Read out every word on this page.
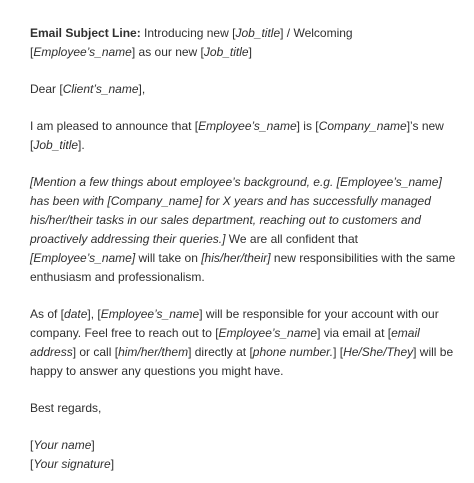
Email Subject Line: Introducing new [Job_title] / Welcoming [Employee’s_name] as our new [Job_title]

Dear [Client’s_name],

I am pleased to announce that [Employee’s_name] is [Company_name]’s new [Job_title].

[Mention a few things about employee’s background, e.g. [Employee’s_name] has been with [Company_name] for X years and has successfully managed his/her/their tasks in our sales department, reaching out to customers and proactively addressing their queries.] We are all confident that [Employee’s_name] will take on [his/her/their] new responsibilities with the same enthusiasm and professionalism.

As of [date], [Employee’s_name] will be responsible for your account with our company. Feel free to reach out to [Employee’s_name] via email at [email address] or call [him/her/them] directly at [phone number.] [He/She/They] will be happy to answer any questions you might have.

Best regards,

[Your name]

[Your signature]
